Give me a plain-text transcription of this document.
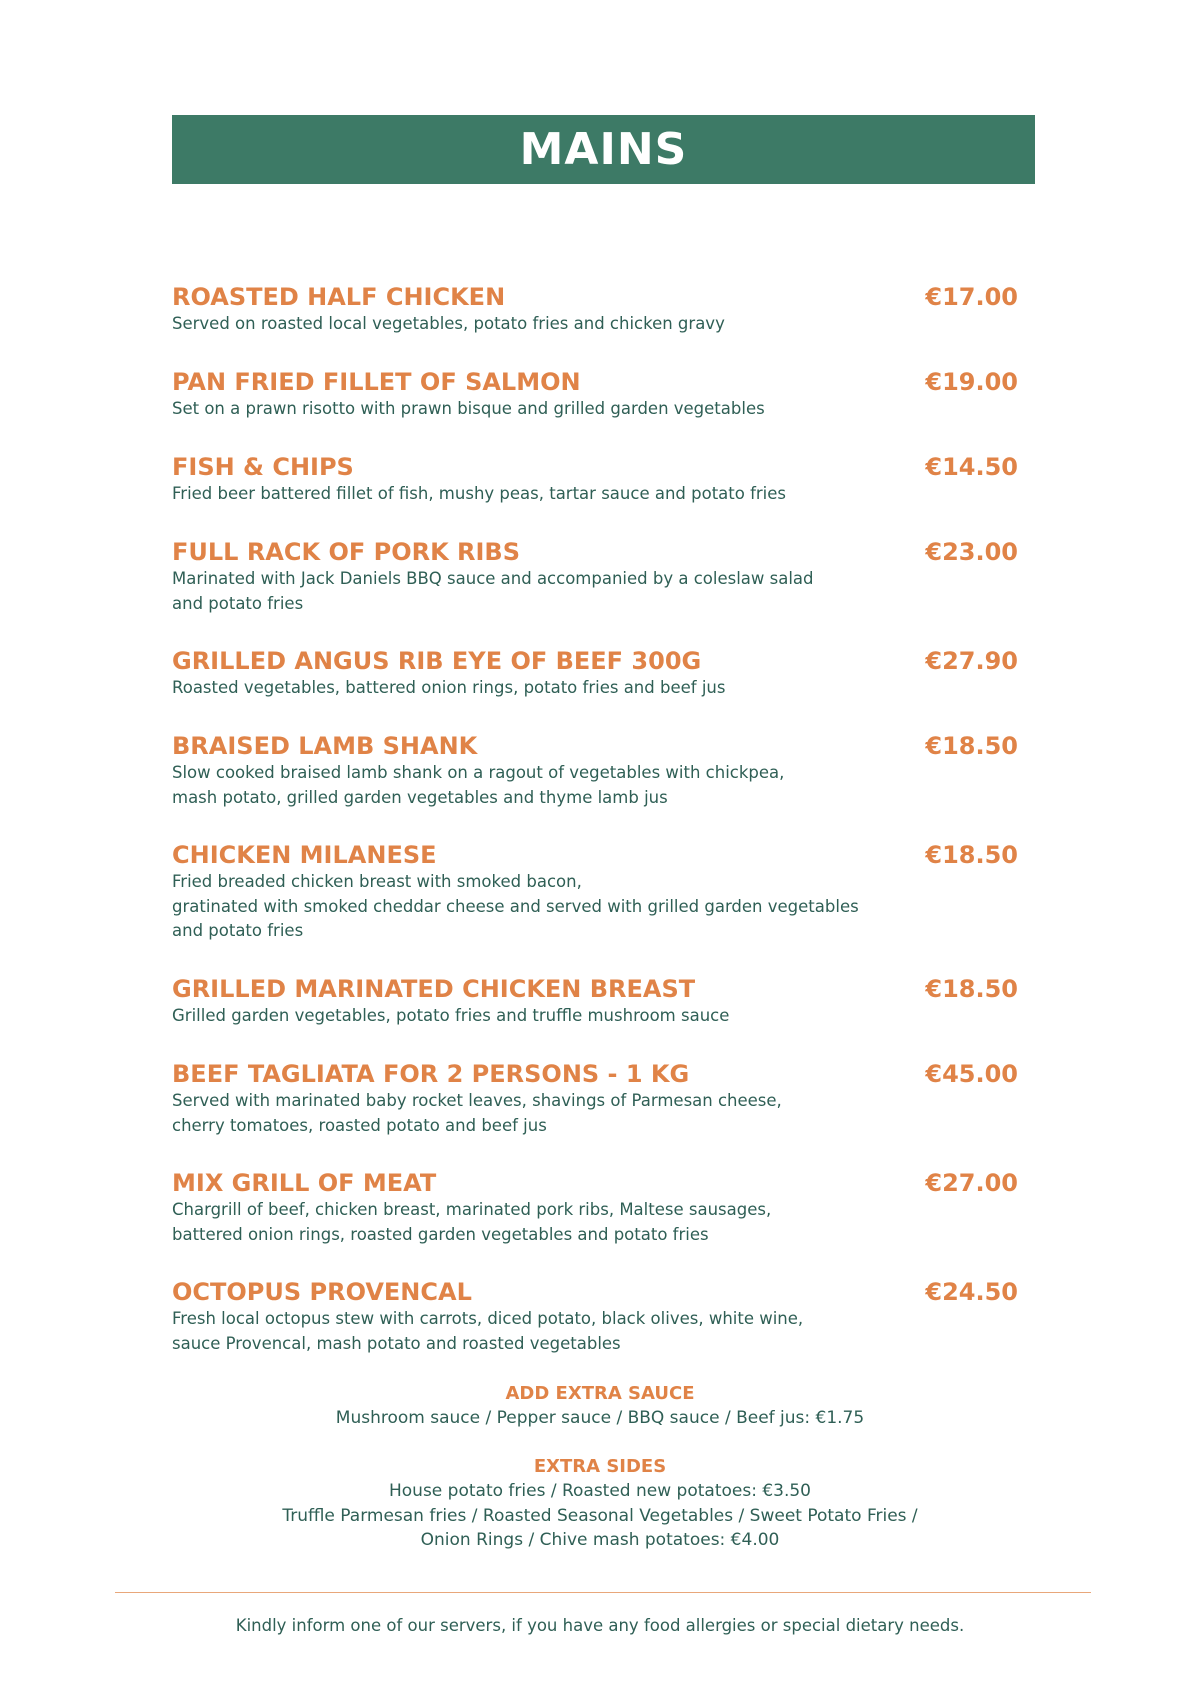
MAINS
ROASTED HALF CHICKEN	€17.00
Served on roasted local vegetables, potato fries and chicken gravy
PAN FRIED FILLET OF SALMON	€19.00
Set on a prawn risotto with prawn bisque and grilled garden vegetables
FISH & CHIPS	€14.50
Fried beer battered fillet of fish, mushy peas, tartar sauce and potato fries
FULL RACK OF PORK RIBS	€23.00
Marinated with Jack Daniels BBQ sauce and accompanied by a coleslaw salad
and potato fries
GRILLED ANGUS RIB EYE OF BEEF 300G	€27.90
Roasted vegetables, battered onion rings, potato fries and beef jus
BRAISED LAMB SHANK	€18.50
Slow cooked braised lamb shank on a ragout of vegetables with chickpea,
mash potato, grilled garden vegetables and thyme lamb jus
CHICKEN MILANESE	€18.50
Fried breaded chicken breast with smoked bacon,
gratinated with smoked cheddar cheese and served with grilled garden vegetables
and potato fries
GRILLED MARINATED CHICKEN BREAST	€18.50
Grilled garden vegetables, potato fries and truffle mushroom sauce
BEEF TAGLIATA FOR 2 PERSONS - 1 KG	€45.00
Served with marinated baby rocket leaves, shavings of Parmesan cheese,
cherry tomatoes, roasted potato and beef jus
MIX GRILL OF MEAT	€27.00
Chargrill of beef, chicken breast, marinated pork ribs, Maltese sausages,
battered onion rings, roasted garden vegetables and potato fries
OCTOPUS PROVENCAL	€24.50
Fresh local octopus stew with carrots, diced potato, black olives, white wine,
sauce Provencal, mash potato and roasted vegetables
ADD EXTRA SAUCE
Mushroom sauce / Pepper sauce / BBQ sauce / Beef jus: €1.75
EXTRA SIDES
House potato fries / Roasted new potatoes: €3.50
Truffle Parmesan fries / Roasted Seasonal Vegetables / Sweet Potato Fries /
Onion Rings / Chive mash potatoes: €4.00
Kindly inform one of our servers, if you have any food allergies or special dietary needs.
